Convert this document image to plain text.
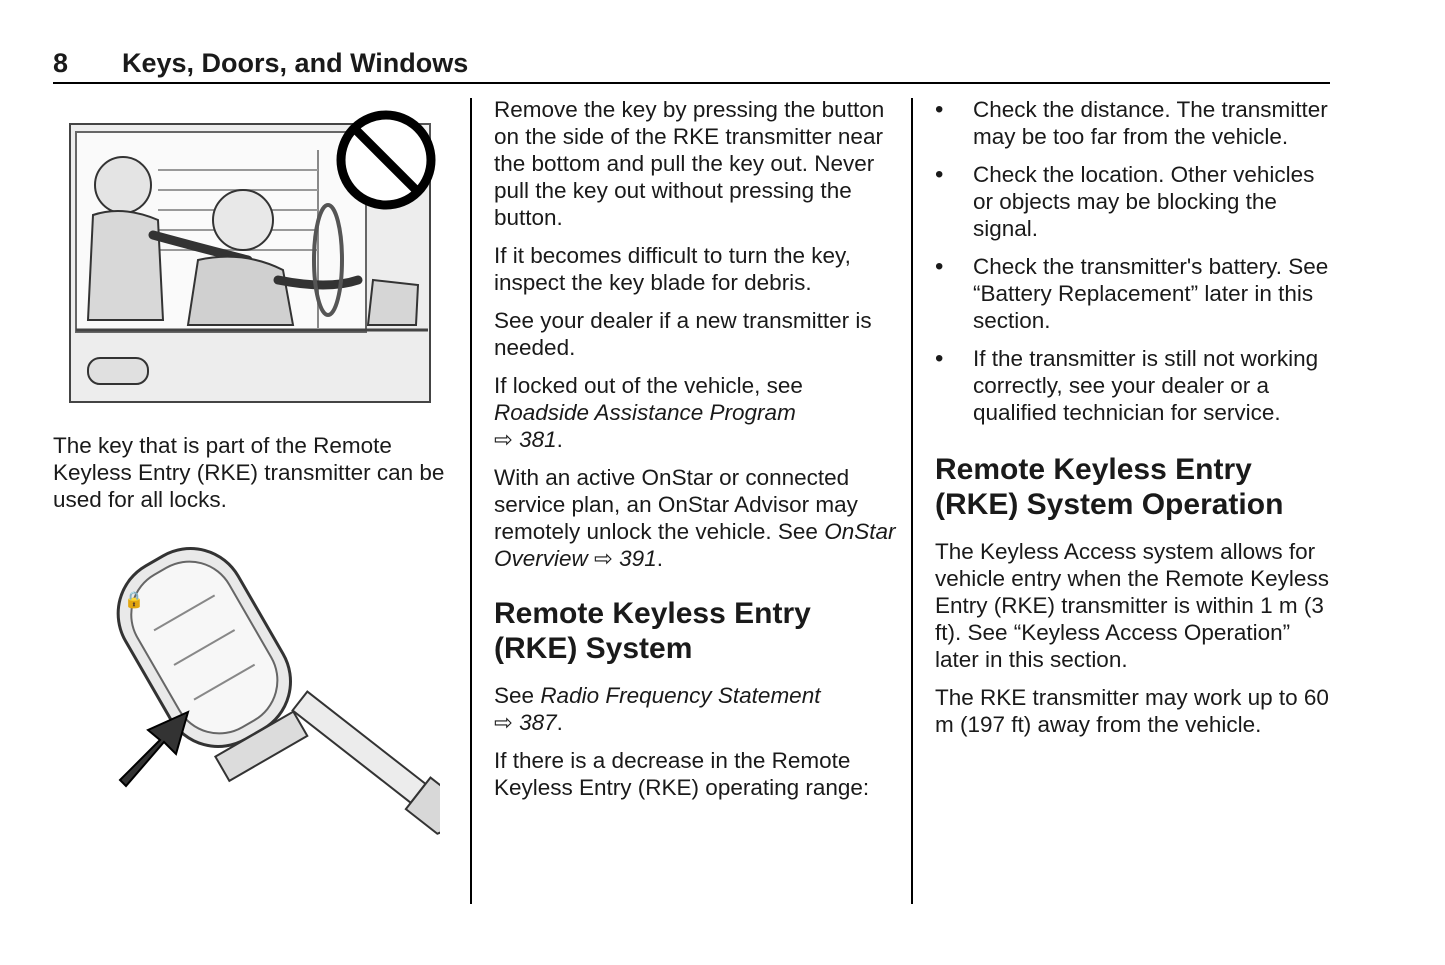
8 Keys, Doors, and Windows

The key that is part of the Remote Keyless Entry (RKE) transmitter can be used for all locks.

🔒

Remove the key by pressing the button on the side of the RKE transmitter near the bottom and pull the key out. Never pull the key out without pressing the button.

If it becomes difficult to turn the key, inspect the key blade for debris.

See your dealer if a new transmitter is needed.

If locked out of the vehicle, see
Roadside Assistance Program
⇨ 381.

With an active OnStar or connected service plan, an OnStar Advisor may remotely unlock the vehicle. See OnStar Overview ⇨ 391.

Remote Keyless Entry (RKE) System

See Radio Frequency Statement
⇨ 387.

If there is a decrease in the Remote Keyless Entry (RKE) operating range:

• Check the distance. The transmitter may be too far from the vehicle.
• Check the location. Other vehicles or objects may be blocking the signal.
• Check the transmitter's battery. See “Battery Replacement” later in this section.
• If the transmitter is still not working correctly, see your dealer or a qualified technician for service.
Remote Keyless Entry (RKE) System Operation

The Keyless Access system allows for vehicle entry when the Remote Keyless Entry (RKE) transmitter is within 1 m (3 ft). See “Keyless Access Operation” later in this section.

The RKE transmitter may work up to 60 m (197 ft) away from the vehicle.
